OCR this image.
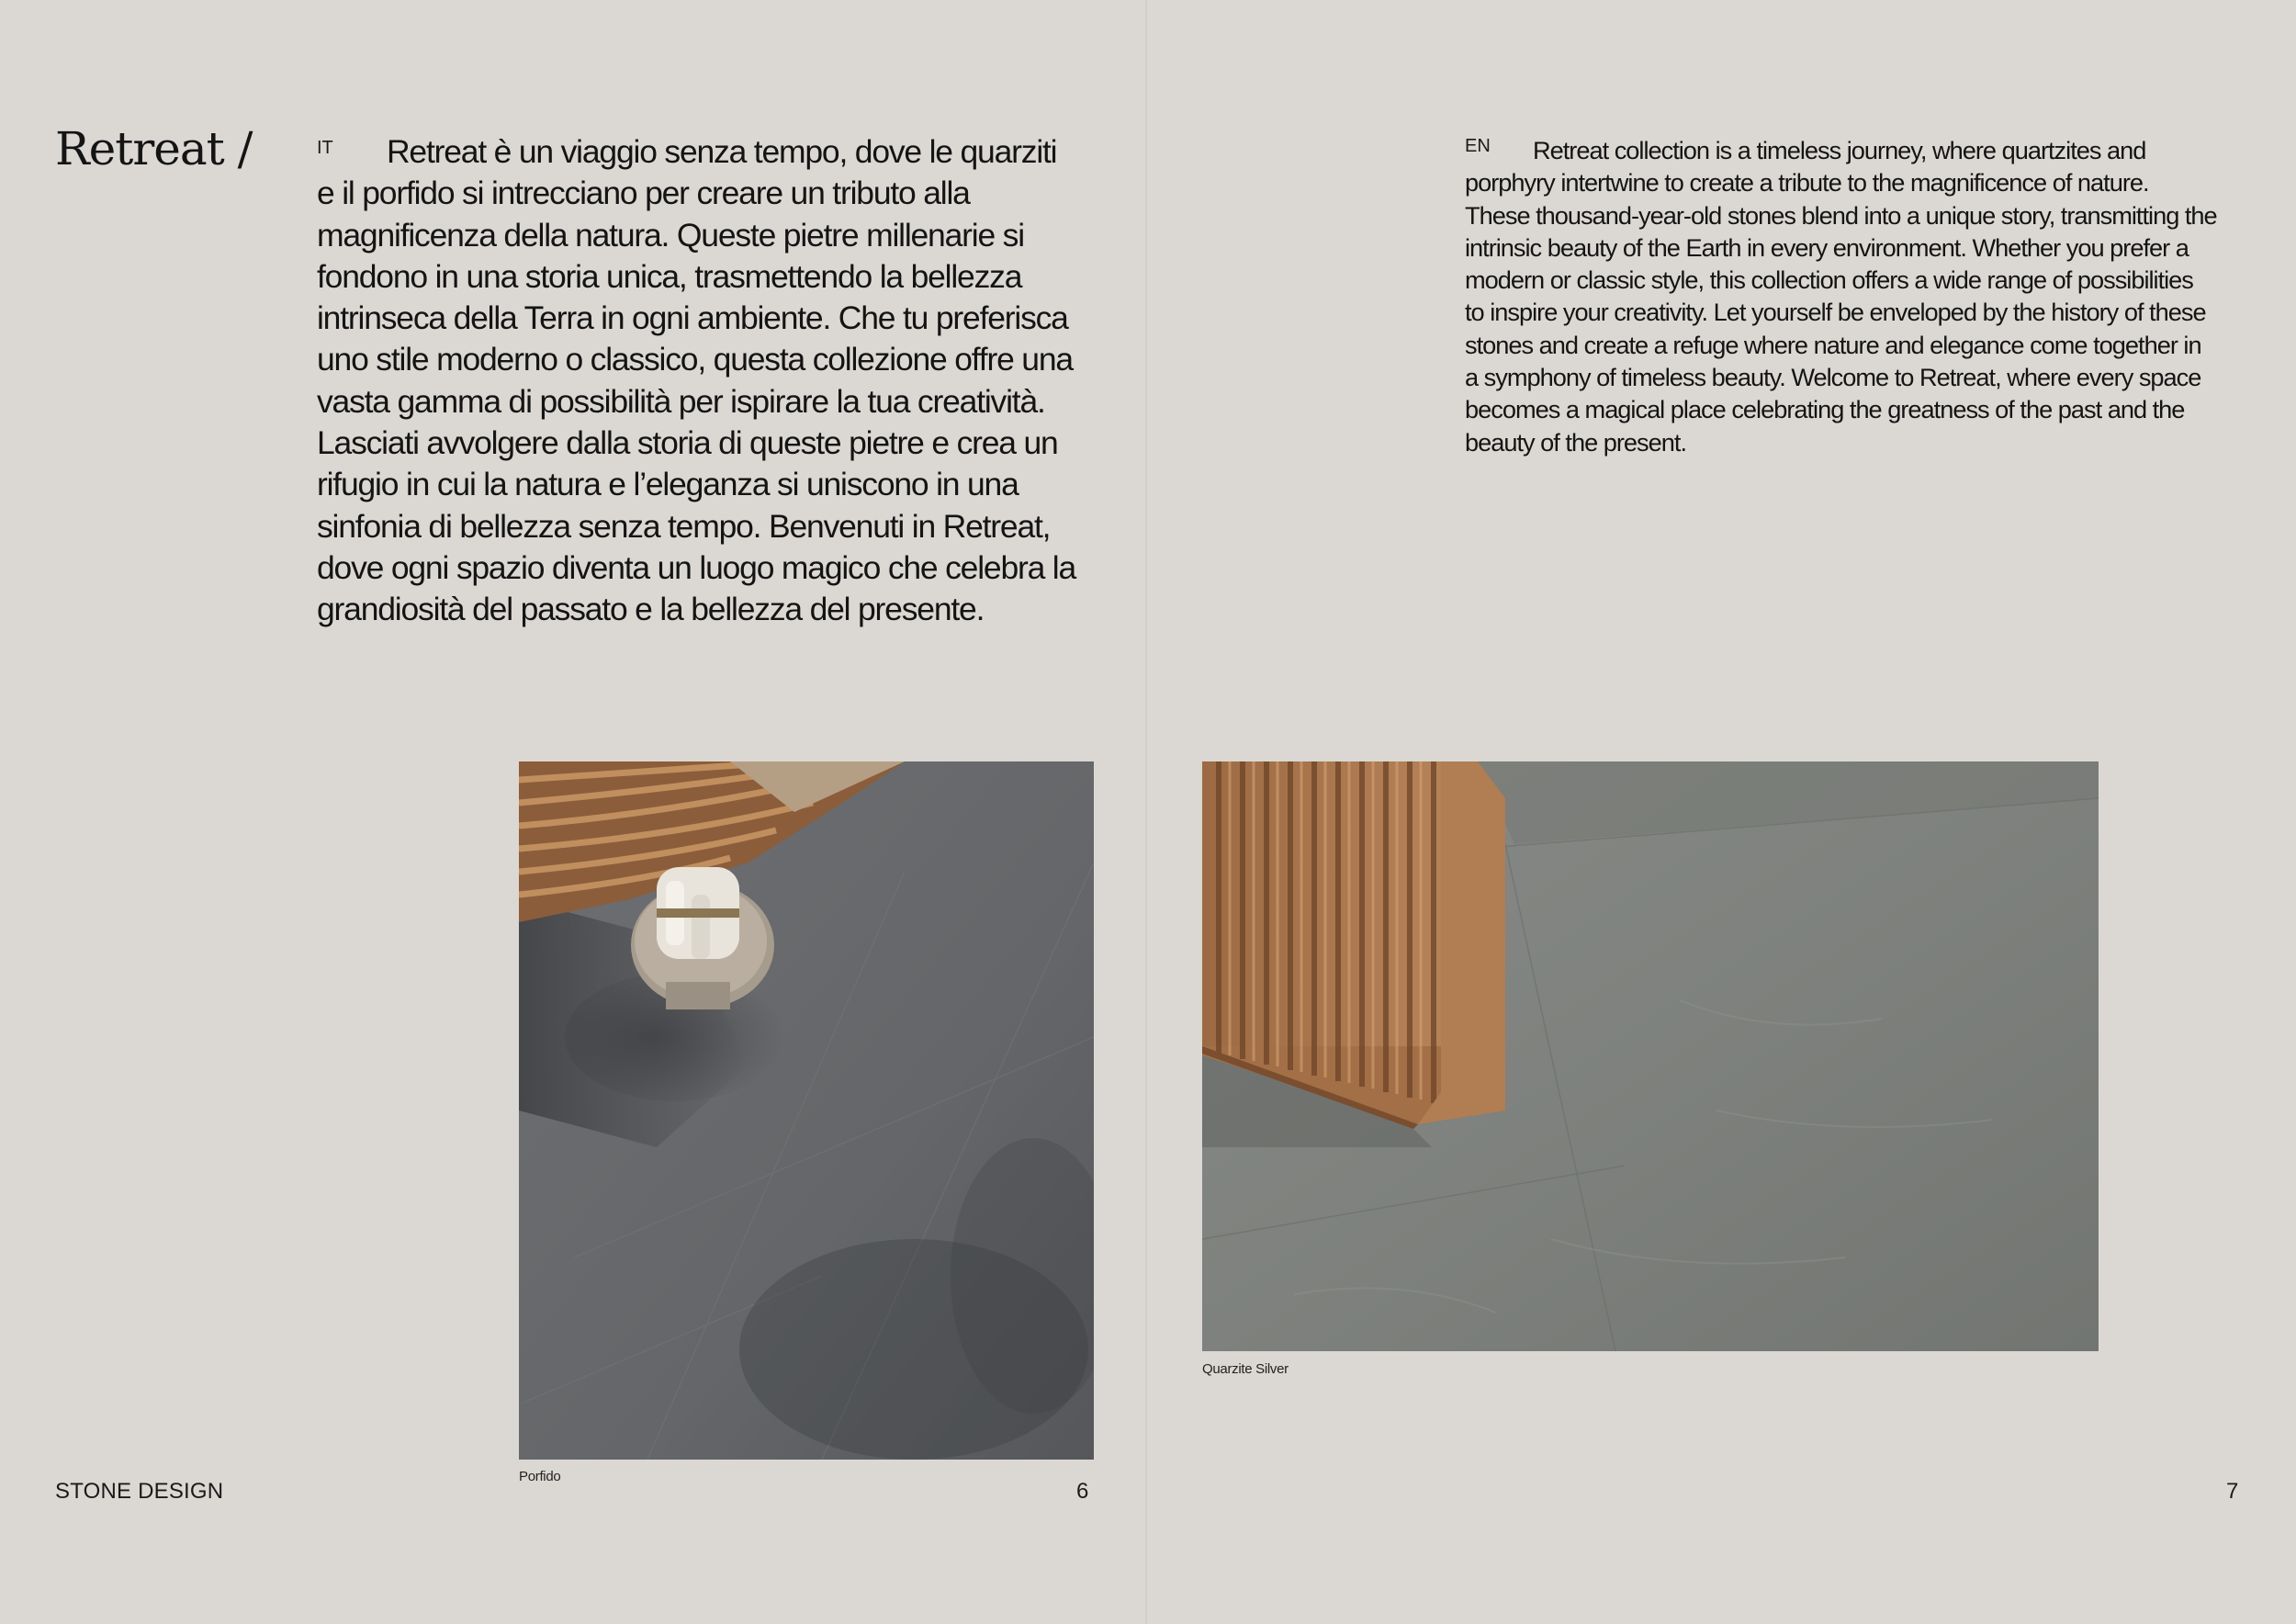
Retreat /	IT	Retreat è un viaggio senza tempo, dove le quarziti e il porfido si intrecciano per creare un tributo alla magnificenza della natura. Queste pietre millenarie si fondono in una storia unica, trasmettendo la bellezza intrinseca della Terra in ogni ambiente. Che tu preferisca uno stile moderno o classico, questa collezione offre una vasta gamma di possibilità per ispirare la tua creatività. Lasciati avvolgere dalla storia di queste pietre e crea un rifugio in cui la natura e l’eleganza si uniscono in una sinfonia di bellezza senza tempo. Benvenuti in Retreat, dove ogni spazio diventa un luogo magico che celebra la grandiosità del passato e la bellezza del presente.

Porfido
STONE DESIGN	6
EN	Retreat collection is a timeless journey, where quartzites and porphyry intertwine to create a tribute to the magnificence of nature. These thousand-year-old stones blend into a unique story, transmitting the intrinsic beauty of the Earth in every environment. Whether you prefer a modern or classic style, this collection offers a wide range of possibilities to inspire your creativity. Let yourself be enveloped by the history of these stones and create a refuge where nature and elegance come together in a symphony of timeless beauty. Welcome to Retreat, where every space becomes a magical place celebrating the greatness of the past and the beauty of the present.

Quarzite Silver
7
